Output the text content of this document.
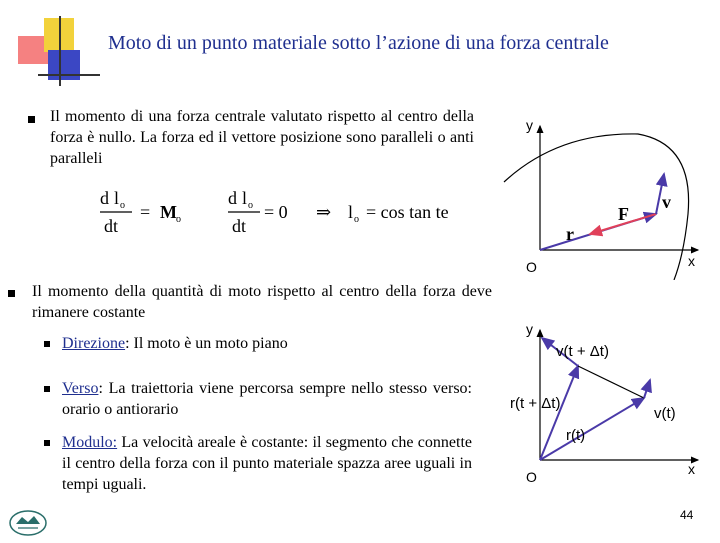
Moto di un punto materiale sotto l’azione di una forza centrale
Il momento di una forza centrale valutato rispetto al centro della forza è nullo. La forza ed il vettore posizione sono paralleli o anti paralleli
d l o
dt
= M o
d l o
dt
= 0 ⇒ l o = cos tan te
Il momento della quantità di moto rispetto al centro della forza deve rimanere costante
Direzione: Il moto è un moto piano
Verso: La traiettoria viene percorsa sempre nello stesso verso: orario o antiorario
Modulo: La velocità areale è costante: il segmento che connette il centro della forza con il punto materiale spazza aree uguali in tempi uguali.
y
x
O
r
F
v
y
x
O
v(t + Δt)
r(t + Δt)
r(t)
v(t)
44
